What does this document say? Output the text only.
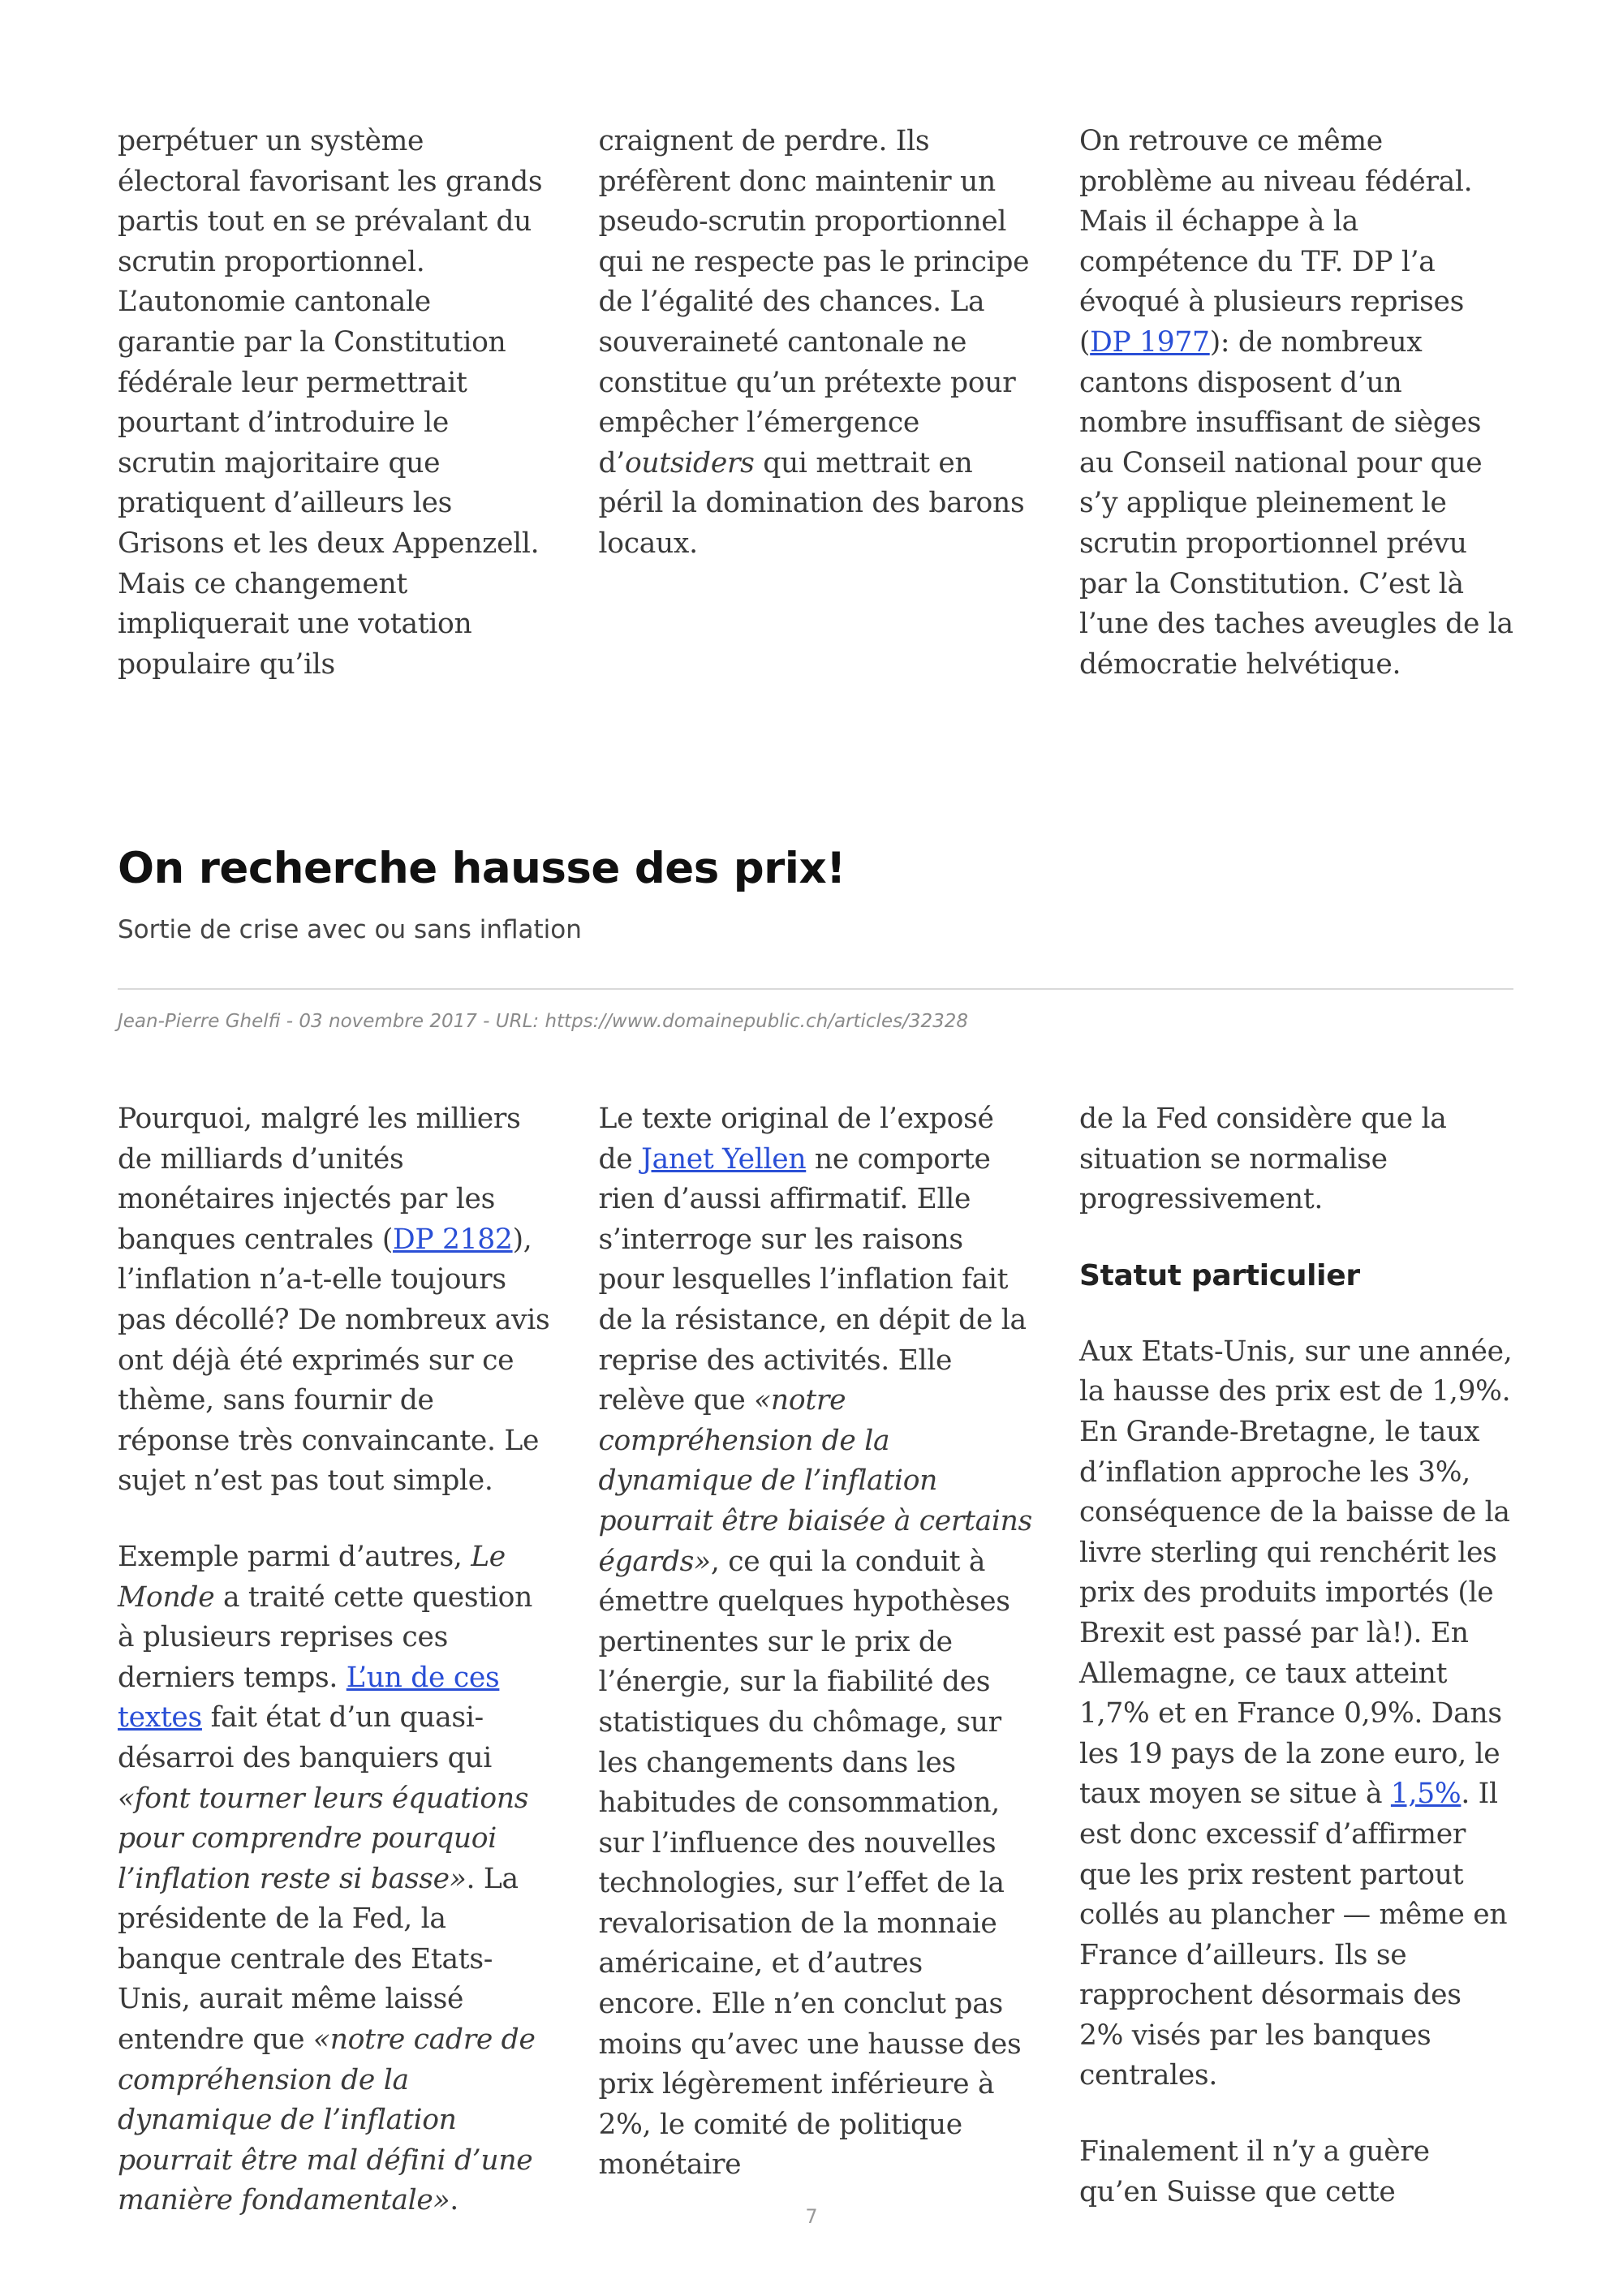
perpétuer un système électoral favorisant les grands partis tout en se prévalant du scrutin proportionnel. L’autonomie cantonale garantie par la Constitution fédérale leur permettrait pourtant d’introduire le scrutin majoritaire que pratiquent d’ailleurs les Grisons et les deux Appenzell. Mais ce changement impliquerait une votation populaire qu’ils

craignent de perdre. Ils préfèrent donc maintenir un pseudo-scrutin proportionnel qui ne respecte pas le principe de l’égalité des chances. La souveraineté cantonale ne constitue qu’un prétexte pour empêcher l’émergence d’outsiders qui mettrait en péril la domination des barons locaux.

On retrouve ce même problème au niveau fédéral. Mais il échappe à la compétence du TF. DP l’a évoqué à plusieurs reprises (DP 1977): de nombreux cantons disposent d’un nombre insuffisant de sièges au Conseil national pour que s’y applique pleinement le scrutin proportionnel prévu par la Constitution. C’est là l’une des taches aveugles de la démocratie helvétique.

On recherche hausse des prix!
Sortie de crise avec ou sans inflation
Jean-Pierre Ghelfi - 03 novembre 2017 - URL: https://www.domainepublic.ch/articles/32328

Pourquoi, malgré les milliers de milliards d’unités monétaires injectés par les banques centrales (DP 2182), l’inflation n’a-t-elle toujours pas décollé? De nombreux avis ont déjà été exprimés sur ce thème, sans fournir de réponse très convaincante. Le sujet n’est pas tout simple.

Exemple parmi d’autres, Le Monde a traité cette question à plusieurs reprises ces derniers temps. L’un de ces textes fait état d’un quasi-désarroi des banquiers qui «font tourner leurs équations pour comprendre pourquoi l’inflation reste si basse». La présidente de la Fed, la banque centrale des Etats-Unis, aurait même laissé entendre que «notre cadre de compréhension de la dynamique de l’inflation pourrait être mal défini d’une manière fondamentale».

Le texte original de l’exposé de Janet Yellen ne comporte rien d’aussi affirmatif. Elle s’interroge sur les raisons pour lesquelles l’inflation fait de la résistance, en dépit de la reprise des activités. Elle relève que «notre compréhension de la dynamique de l’inflation pourrait être biaisée à certains égards», ce qui la conduit à émettre quelques hypothèses pertinentes sur le prix de l’énergie, sur la fiabilité des statistiques du chômage, sur les changements dans les habitudes de consommation, sur l’influence des nouvelles technologies, sur l’effet de la revalorisation de la monnaie américaine, et d’autres encore. Elle n’en conclut pas moins qu’avec une hausse des prix légèrement inférieure à 2%, le comité de politique monétaire

de la Fed considère que la situation se normalise progressivement.

Statut particulier

Aux Etats-Unis, sur une année, la hausse des prix est de 1,9%. En Grande-Bretagne, le taux d’inflation approche les 3%, conséquence de la baisse de la livre sterling qui renchérit les prix des produits importés (le Brexit est passé par là!). En Allemagne, ce taux atteint 1,7% et en France 0,9%. Dans les 19 pays de la zone euro, le taux moyen se situe à 1,5%. Il est donc excessif d’affirmer que les prix restent partout collés au plancher — même en France d’ailleurs. Ils se rapprochent désormais des 2% visés par les banques centrales.

Finalement il n’y a guère qu’en Suisse que cette

7
